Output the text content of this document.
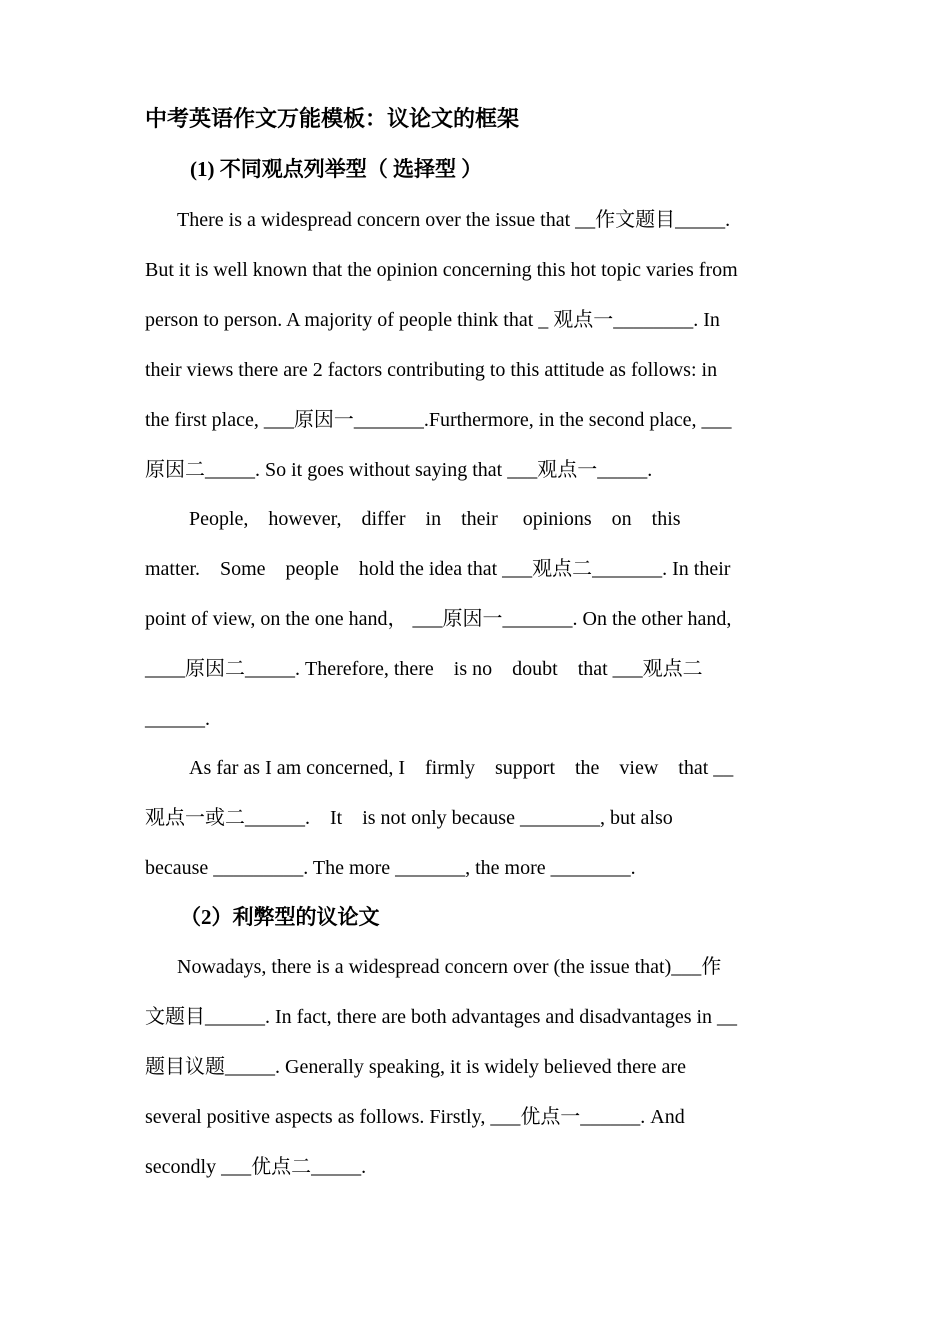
中考英语作文万能模板：议论文的框架
(1) 不同观点列举型（ 选择型 ）
There is a widespread concern over the issue that __作文题目_____.
But it is well known that the opinion concerning this hot topic varies from
person to person. A majority of people think that _ 观点一________. In
their views there are 2 factors contributing to this attitude as follows: in
the first place, ___原因一_______.Furthermore, in the second place, ___
原因二_____. So it goes without saying that ___观点一_____.
People,    however,    differ    in    their     opinions    on    this
matter.    Some    people    hold the idea that ___观点二_______. In their
point of view, on the one hand， ___原因一_______. On the other hand,
____原因二_____. Therefore, there    is no    doubt    that ___观点二
______.
As far as I am concerned, I    firmly    support    the    view    that __
观点一或二______.    It    is not only because ________, but also
because _________. The more _______, the more ________.
（2）利弊型的议论文
Nowadays, there is a widespread concern over (the issue that)___作
文题目______. In fact, there are both advantages and disadvantages in __
题目议题_____. Generally speaking, it is widely believed there are
several positive aspects as follows. Firstly, ___优点一______. And
secondly ___优点二_____.
